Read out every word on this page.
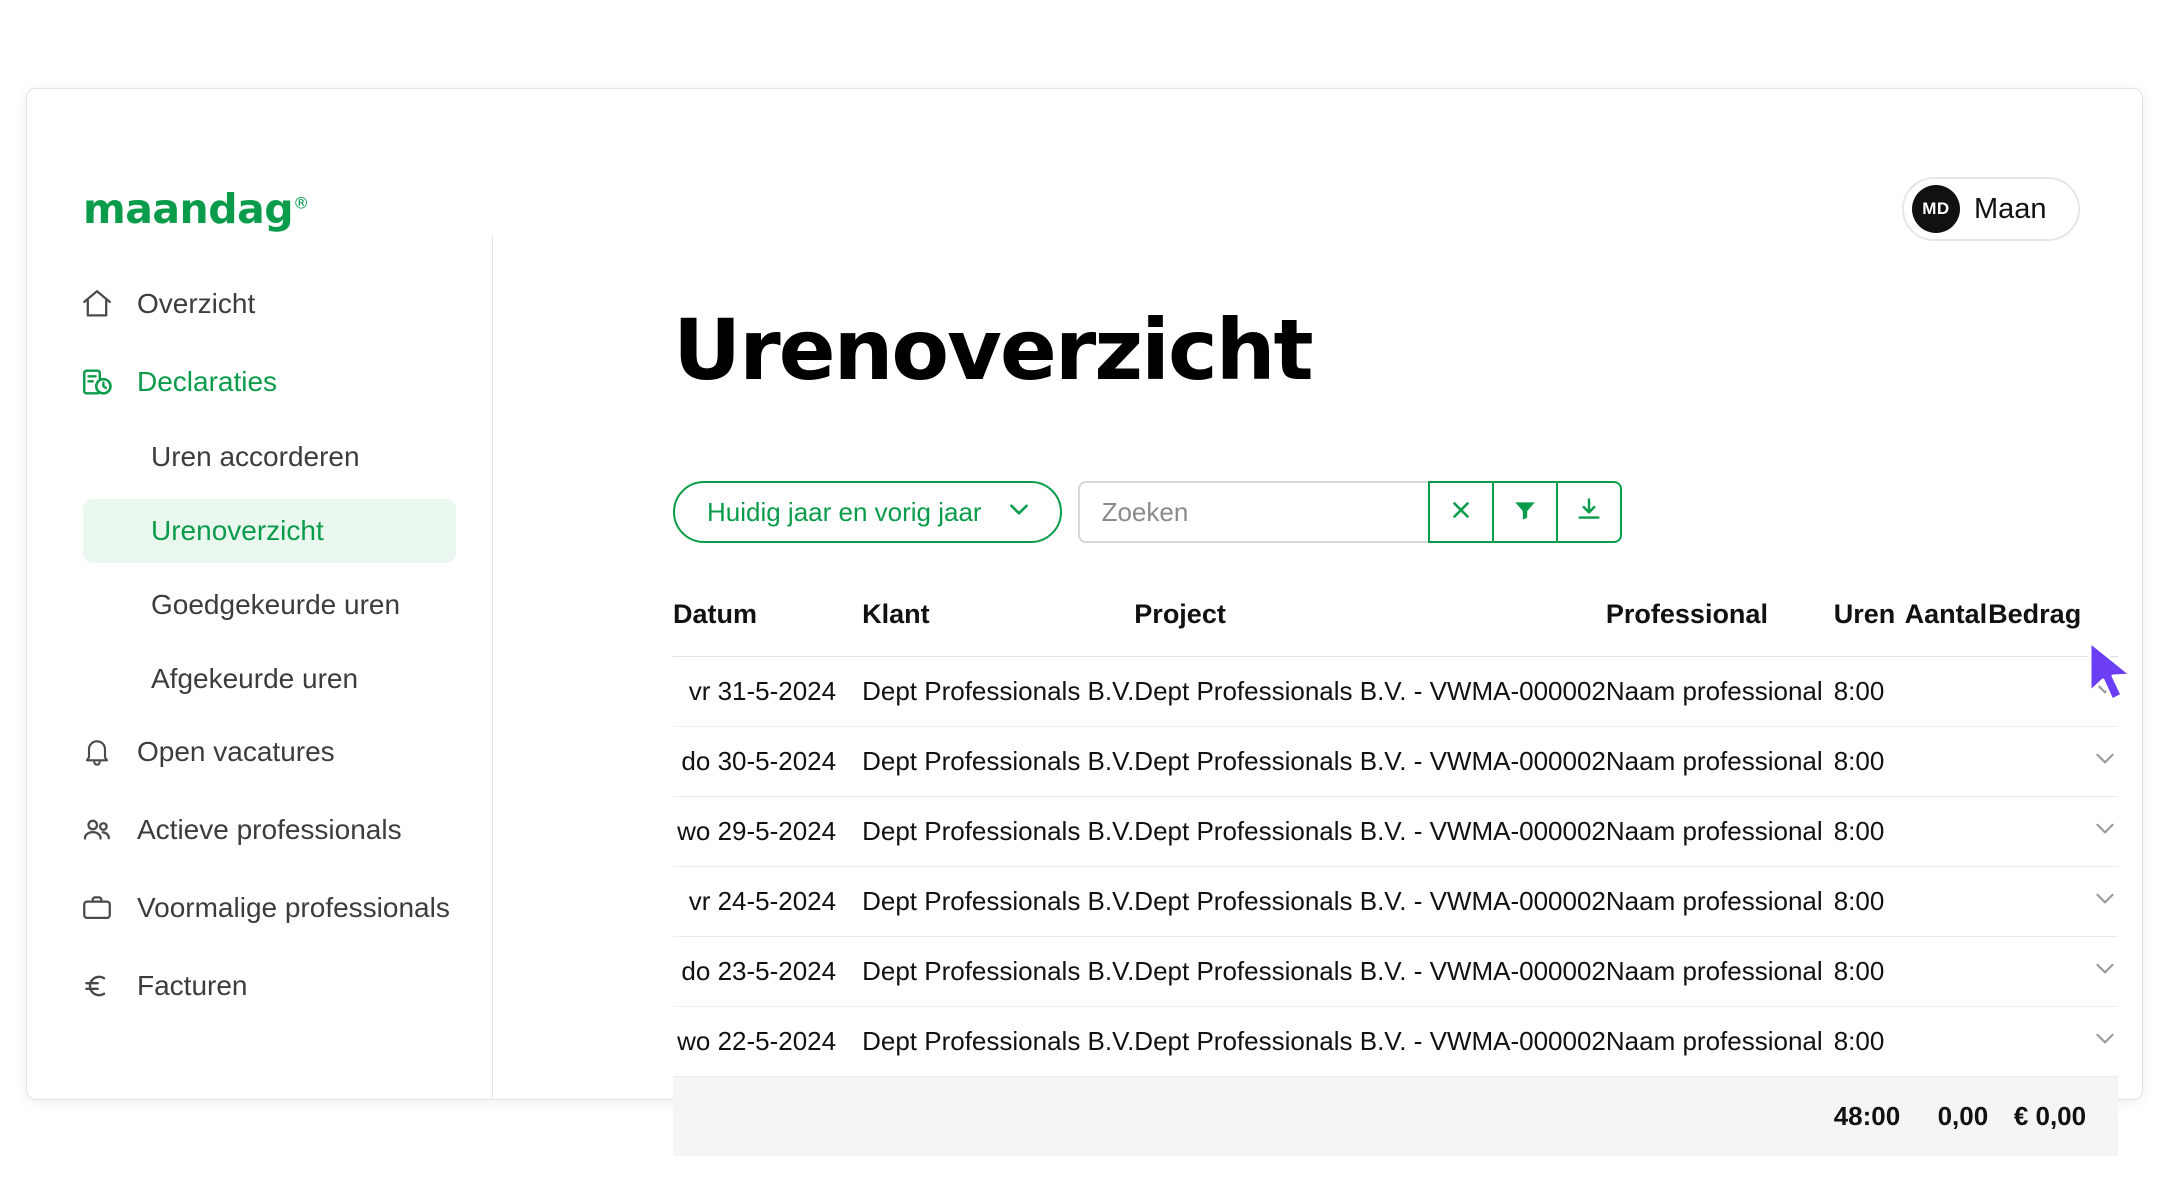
maandag®	MD Maan
Overzicht
Declaraties
Uren accorderen
Urenoverzicht
Goedgekeurde uren
Afgekeurde uren
Open vacatures
Actieve professionals
Voormalige professionals
Facturen
Urenoverzicht
Huidig jaar en vorig jaar
Zoeken
Datum	Klant	Project	Professional	Uren	Aantal	Bedrag	
vr 31-5-2024	Dept Professionals B.V.	Dept Professionals B.V. - VWMA-000002	Naam professional	8:00			
do 30-5-2024	Dept Professionals B.V.	Dept Professionals B.V. - VWMA-000002	Naam professional	8:00			
wo 29-5-2024	Dept Professionals B.V.	Dept Professionals B.V. - VWMA-000002	Naam professional	8:00			
vr 24-5-2024	Dept Professionals B.V.	Dept Professionals B.V. - VWMA-000002	Naam professional	8:00			
do 23-5-2024	Dept Professionals B.V.	Dept Professionals B.V. - VWMA-000002	Naam professional	8:00			
wo 22-5-2024	Dept Professionals B.V.	Dept Professionals B.V. - VWMA-000002	Naam professional	8:00			
				48:00	0,00	€ 0,00	
